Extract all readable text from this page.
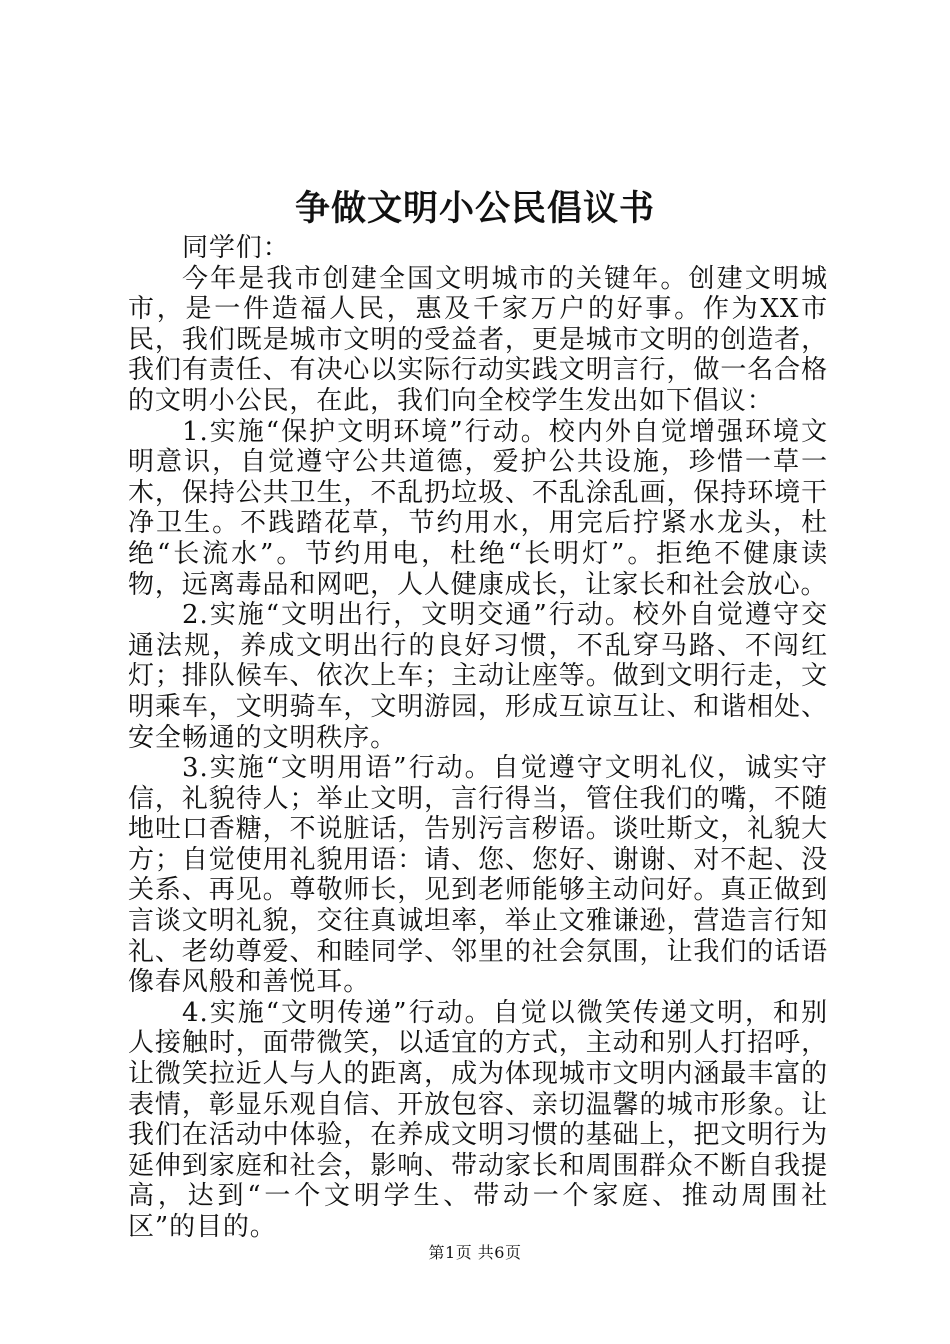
争做文明小公民倡议书

同学们：

今年是我市创建全国文明城市的关键年。创建文明城市，是一件造福人民，惠及千家万户的好事。作为XX市民，我们既是城市文明的受益者，更是城市文明的创造者，我们有责任、有决心以实际行动实践文明言行，做一名合格的文明小公民，在此，我们向全校学生发出如下倡议：

1.实施“保护文明环境”行动。校内外自觉增强环境文明意识，自觉遵守公共道德，爱护公共设施，珍惜一草一木，保持公共卫生，不乱扔垃圾、不乱涂乱画，保持环境干净卫生。不践踏花草，节约用水，用完后拧紧水龙头，杜绝“长流水”。节约用电，杜绝“长明灯”。拒绝不健康读物，远离毒品和网吧，人人健康成长，让家长和社会放心。

2.实施“文明出行，文明交通”行动。校外自觉遵守交通法规，养成文明出行的良好习惯，不乱穿马路、不闯红灯；排队候车、依次上车；主动让座等。做到文明行走，文明乘车，文明骑车，文明游园，形成互谅互让、和谐相处、安全畅通的文明秩序。

3.实施“文明用语”行动。自觉遵守文明礼仪，诚实守信，礼貌待人；举止文明，言行得当，管住我们的嘴，不随地吐口香糖，不说脏话，告别污言秽语。谈吐斯文，礼貌大方；自觉使用礼貌用语：请、您、您好、谢谢、对不起、没关系、再见。尊敬师长，见到老师能够主动问好。真正做到言谈文明礼貌，交往真诚坦率，举止文雅谦逊，营造言行知礼、老幼尊爱、和睦同学、邻里的社会氛围，让我们的话语像春风般和善悦耳。

4.实施“文明传递”行动。自觉以微笑传递文明，和别人接触时，面带微笑，以适宜的方式，主动和别人打招呼，让微笑拉近人与人的距离，成为体现城市文明内涵最丰富的表情，彰显乐观自信、开放包容、亲切温馨的城市形象。让我们在活动中体验，在养成文明习惯的基础上，把文明行为延伸到家庭和社会，影响、带动家长和周围群众不断自我提高，达到“一个文明学生、带动一个家庭、推动周围社区”的目的。

第1页 共6页
